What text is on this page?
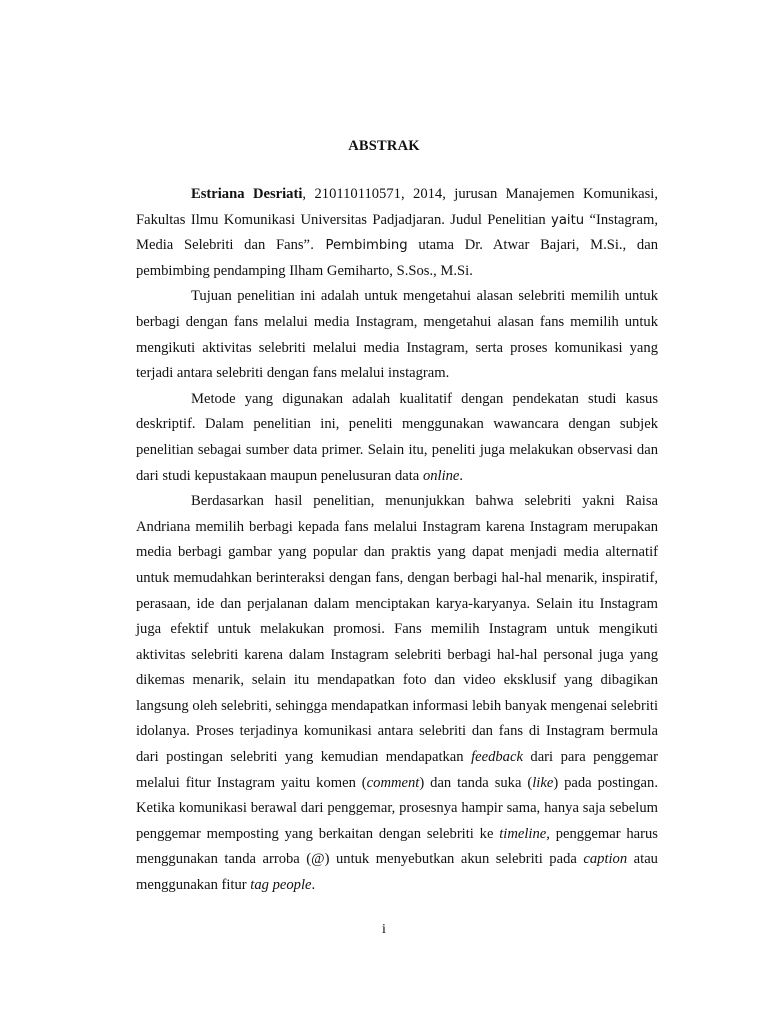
ABSTRAK

Estriana Desriati, 210110110571, 2014, jurusan Manajemen Komunikasi, Fakultas Ilmu Komunikasi Universitas Padjadjaran. Judul Penelitian yaitu “Instagram, Media Selebriti dan Fans”. Pembimbing utama Dr. Atwar Bajari, M.Si., dan pembimbing pendamping Ilham Gemiharto, S.Sos., M.Si.

Tujuan penelitian ini adalah untuk mengetahui alasan selebriti memilih untuk berbagi dengan fans melalui media Instagram, mengetahui alasan fans memilih untuk mengikuti aktivitas selebriti melalui media Instagram, serta proses komunikasi yang terjadi antara selebriti dengan fans melalui instagram.

Metode yang digunakan adalah kualitatif dengan pendekatan studi kasus deskriptif. Dalam penelitian ini, peneliti menggunakan wawancara dengan subjek penelitian sebagai sumber data primer. Selain itu, peneliti juga melakukan observasi dan dari studi kepustakaan maupun penelusuran data online.

Berdasarkan hasil penelitian, menunjukkan bahwa selebriti yakni Raisa Andriana memilih berbagi kepada fans melalui Instagram karena Instagram merupakan media berbagi gambar yang popular dan praktis yang dapat menjadi media alternatif untuk memudahkan berinteraksi dengan fans, dengan berbagi hal-hal menarik, inspiratif, perasaan, ide dan perjalanan dalam menciptakan karya-karyanya. Selain itu Instagram juga efektif untuk melakukan promosi. Fans memilih Instagram untuk mengikuti aktivitas selebriti karena dalam Instagram selebriti berbagi hal-hal personal juga yang dikemas menarik, selain itu mendapatkan foto dan video eksklusif yang dibagikan langsung oleh selebriti, sehingga mendapatkan informasi lebih banyak mengenai selebriti idolanya. Proses terjadinya komunikasi antara selebriti dan fans di Instagram bermula dari postingan selebriti yang kemudian mendapatkan feedback dari para penggemar melalui fitur Instagram yaitu komen (comment) dan tanda suka (like) pada postingan. Ketika komunikasi berawal dari penggemar, prosesnya hampir sama, hanya saja sebelum penggemar memposting yang berkaitan dengan selebriti ke timeline, penggemar harus menggunakan tanda arroba (@) untuk menyebutkan akun selebriti pada caption atau menggunakan fitur tag people.

i
